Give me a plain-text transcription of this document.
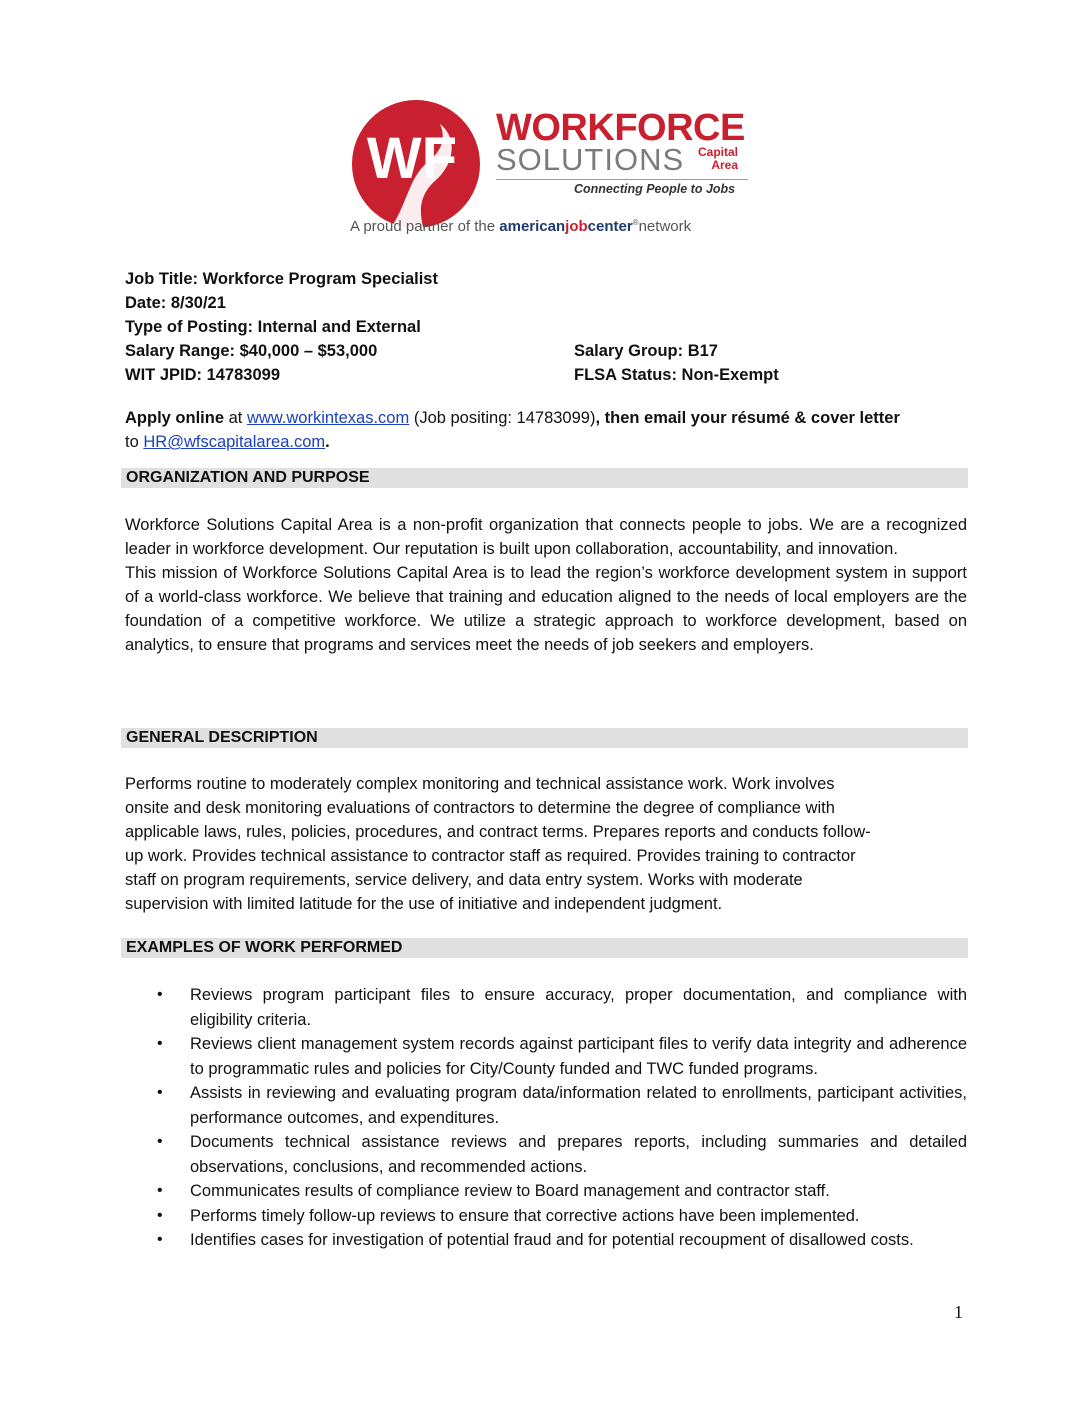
WF WORKFORCE
SOLUTIONS Capital
Area
Connecting People to Jobs
A proud partner of the americanjobcenter®network
Job Title: Workforce Program Specialist
Date: 8/30/21
Type of Posting: Internal and External
Salary Range: $40,000 – $53,000	Salary Group: B17
WIT JPID: 14783099	FLSA Status: Non-Exempt
Apply online at www.workintexas.com (Job positing: 14783099), then email your résumé & cover letter
to HR@wfscapitalarea.com.
ORGANIZATION AND PURPOSE
Workforce Solutions Capital Area is a non-profit organization that connects people to jobs. We are a recognized leader in workforce development. Our reputation is built upon collaboration, accountability, and innovation.
This mission of Workforce Solutions Capital Area is to lead the region’s workforce development system in support of a world-class workforce. We believe that training and education aligned to the needs of local employers are the foundation of a competitive workforce. We utilize a strategic approach to workforce development, based on analytics, to ensure that programs and services meet the needs of job seekers and employers.
GENERAL DESCRIPTION
Performs routine to moderately complex monitoring and technical assistance work. Work involves
onsite and desk monitoring evaluations of contractors to determine the degree of compliance with
applicable laws, rules, policies, procedures, and contract terms. Prepares reports and conducts follow-
up work. Provides technical assistance to contractor staff as required. Provides training to contractor
staff on program requirements, service delivery, and data entry system. Works with moderate
supervision with limited latitude for the use of initiative and independent judgment.
EXAMPLES OF WORK PERFORMED
• Reviews program participant files to ensure accuracy, proper documentation, and compliance with eligibility criteria.
• Reviews client management system records against participant files to verify data integrity and adherence to programmatic rules and policies for City/County funded and TWC funded programs.
• Assists in reviewing and evaluating program data/information related to enrollments, participant activities, performance outcomes, and expenditures.
• Documents technical assistance reviews and prepares reports, including summaries and detailed observations, conclusions, and recommended actions.
• Communicates results of compliance review to Board management and contractor staff.
• Performs timely follow-up reviews to ensure that corrective actions have been implemented.
• Identifies cases for investigation of potential fraud and for potential recoupment of disallowed costs.
1
